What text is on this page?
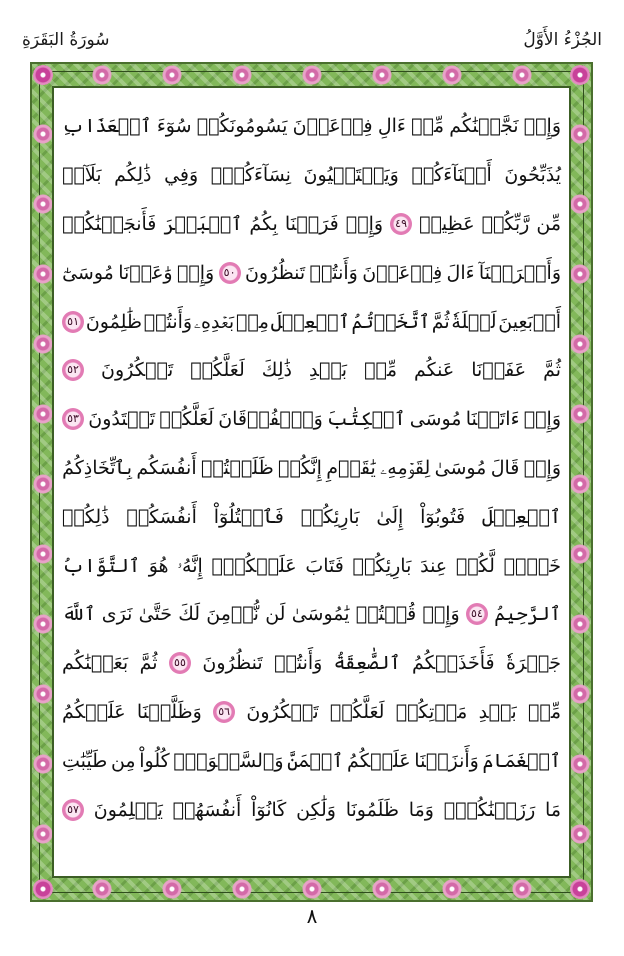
سُورَةُ البَقَرَةِ	الجُزْءُ الأَوَّلُ
وَإِذۡ
نَجَّيۡنَٰكُم
مِّنۡ
ءَالِ
فِرۡعَوۡنَ
يَسُومُونَكُمۡ
سُوٓءَ
ٱلۡعَذَابِ
يُذَبِّحُونَ
أَبۡنَآءَكُمۡ
وَيَسۡتَحۡيُونَ
نِسَآءَكُمۡۚ
وَفِي
ذَٰلِكُم
بَلَآءٞ
مِّن
رَّبِّكُمۡ
عَظِيمٞ
٤٩
وَإِذۡ
فَرَقۡنَا
بِكُمُ
ٱلۡبَحۡرَ
فَأَنجَيۡنَٰكُمۡ
وَأَغۡرَقۡنَآ
ءَالَ
فِرۡعَوۡنَ
وَأَنتُمۡ
تَنظُرُونَ
٥٠
وَإِذۡ
وَٰعَدۡنَا
مُوسَىٰٓ
أَرۡبَعِينَ
لَيۡلَةٗ
ثُمَّ
ٱتَّخَذۡتُمُ
ٱلۡعِجۡلَ
مِنۢ
بَعۡدِهِۦ
وَأَنتُمۡ
ظَٰلِمُونَ
٥١
ثُمَّ
عَفَوۡنَا
عَنكُم
مِّنۢ
بَعۡدِ
ذَٰلِكَ
لَعَلَّكُمۡ
تَشۡكُرُونَ
٥٢
وَإِذۡ
ءَاتَيۡنَا
مُوسَى
ٱلۡكِتَٰبَ
وَٱلۡفُرۡقَانَ
لَعَلَّكُمۡ
تَهۡتَدُونَ
٥٣
وَإِذۡ
قَالَ
مُوسَىٰ
لِقَوۡمِهِۦ
يَٰقَوۡمِ
إِنَّكُمۡ
ظَلَمۡتُمۡ
أَنفُسَكُم
بِٱتِّخَاذِكُمُ
ٱلۡعِجۡلَ
فَتُوبُوٓاْ
إِلَىٰ
بَارِئِكُمۡ
فَٱقۡتُلُوٓاْ
أَنفُسَكُمۡ
ذَٰلِكُمۡ
خَيۡرٞ
لَّكُمۡ
عِندَ
بَارِئِكُمۡ
فَتَابَ
عَلَيۡكُمۡۚ
إِنَّهُۥ
هُوَ
ٱلتَّوَّابُ
ٱلرَّحِيمُ
٥٤
وَإِذۡ
قُلۡتُمۡ
يَٰمُوسَىٰ
لَن
نُّؤۡمِنَ
لَكَ
حَتَّىٰ
نَرَى
ٱللَّهَ
جَهۡرَةٗ
فَأَخَذَتۡكُمُ
ٱلصَّٰعِقَةُ
وَأَنتُمۡ
تَنظُرُونَ
٥٥
ثُمَّ
بَعَثۡنَٰكُم
مِّنۢ
بَعۡدِ
مَوۡتِكُمۡ
لَعَلَّكُمۡ
تَشۡكُرُونَ
٥٦
وَظَلَّلۡنَا
عَلَيۡكُمُ
ٱلۡغَمَامَ
وَأَنزَلۡنَا
عَلَيۡكُمُ
ٱلۡمَنَّ
وَٱلسَّلۡوَىٰۖ
كُلُواْ
مِن
طَيِّبَٰتِ
مَا
رَزَقۡنَٰكُمۡۚ
وَمَا
ظَلَمُونَا
وَلَٰكِن
كَانُوٓاْ
أَنفُسَهُمۡ
يَظۡلِمُونَ
٥٧
٨
